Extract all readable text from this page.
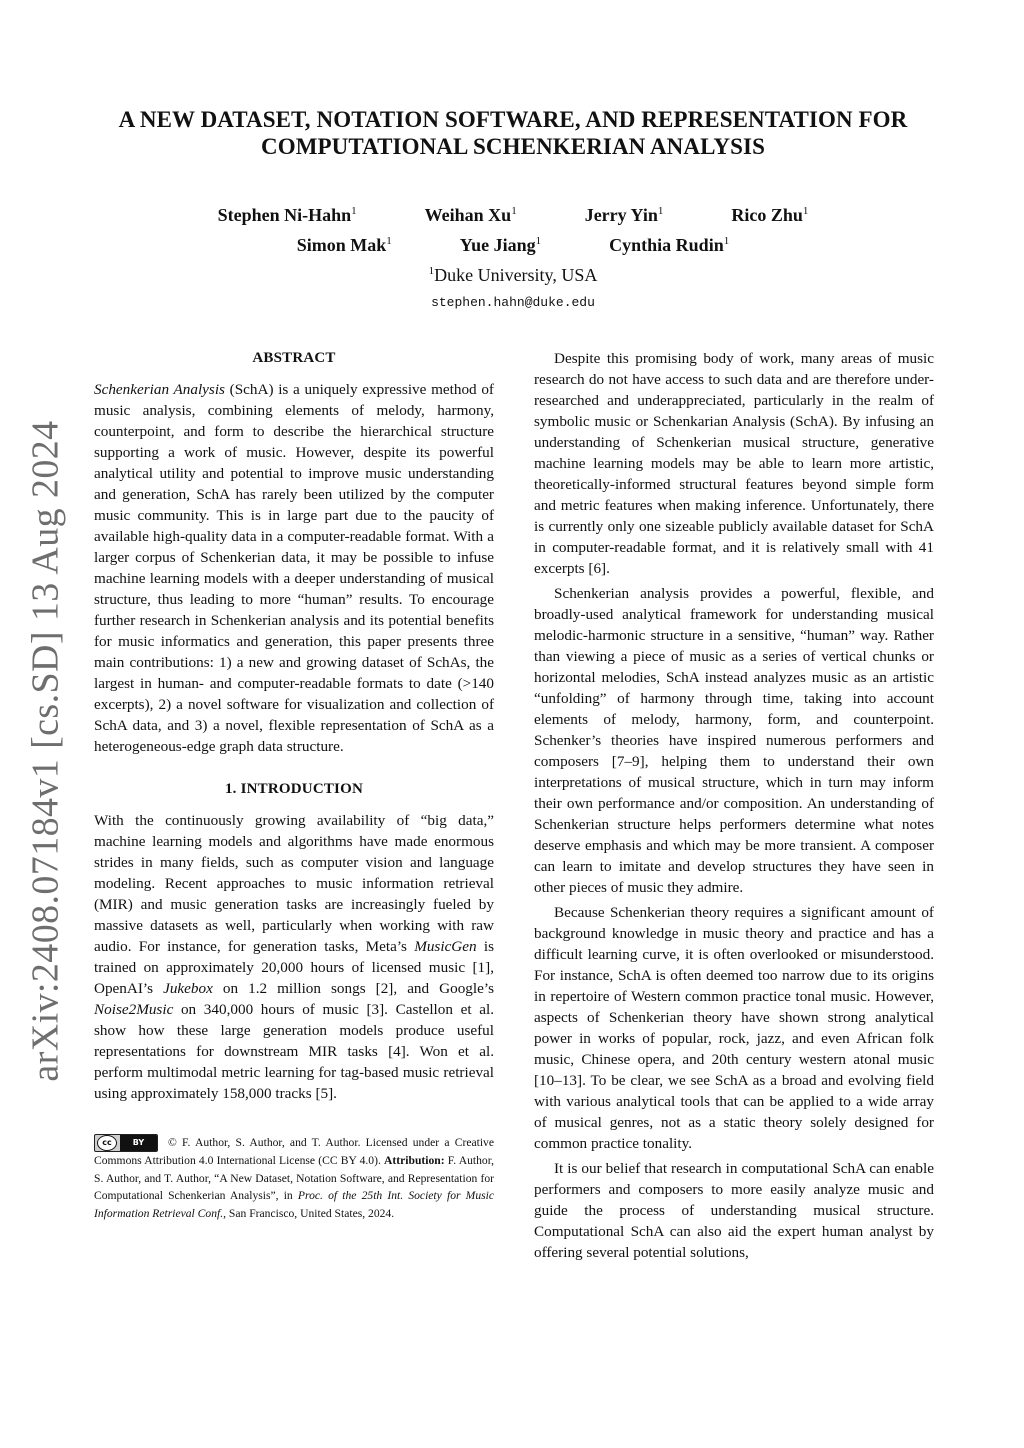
arXiv:2408.07184v1 [cs.SD] 13 Aug 2024
A NEW DATASET, NOTATION SOFTWARE, AND REPRESENTATION FOR
COMPUTATIONAL SCHENKERIAN ANALYSIS
Stephen Ni-Hahn$^1$	Weihan Xu$^1$	Jerry Yin$^1$	Rico Zhu$^1$
Simon Mak$^1$	Yue Jiang$^1$	Cynthia Rudin$^1$
$^1$Duke University, USA
stephen.hahn@duke.edu
ABSTRACT

Schenkerian Analysis (SchA) is a uniquely expressive method of music analysis, combining elements of melody, harmony, counterpoint, and form to describe the hierarchical structure supporting a work of music. However, despite its powerful analytical utility and potential to improve music understanding and generation, SchA has rarely been utilized by the computer music community. This is in large part due to the paucity of available high-quality data in a computer-readable format. With a larger corpus of Schenkerian data, it may be possible to infuse machine learning models with a deeper understanding of musical structure, thus leading to more “human” results. To encourage further research in Schenkerian analysis and its potential benefits for music informatics and generation, this paper presents three main contributions: 1) a new and growing dataset of SchAs, the largest in human- and computer-readable formats to date (>140 excerpts), 2) a novel software for visualization and collection of SchA data, and 3) a novel, flexible representation of SchA as a heterogeneous-edge graph data structure.

1. INTRODUCTION

With the continuously growing availability of “big data,” machine learning models and algorithms have made enormous strides in many fields, such as computer vision and language modeling. Recent approaches to music information retrieval (MIR) and music generation tasks are increasingly fueled by massive datasets as well, particularly when working with raw audio. For instance, for generation tasks, Meta’s MusicGen is trained on approximately 20,000 hours of licensed music [1], OpenAI’s Jukebox on 1.2 million songs [2], and Google’s Noise2Music on 340,000 hours of music [3]. Castellon et al. show how these large generation models produce useful representations for downstream MIR tasks [4]. Won et al. perform multimodal metric learning for tag-based music retrieval using approximately 158,000 tracks [5].

cc	BY	© F. Author, S. Author, and T. Author. Licensed under a Creative Commons Attribution 4.0 International License (CC BY 4.0). Attribution: F. Author, S. Author, and T. Author, “A New Dataset, Notation Software, and Representation for Computational Schenkerian Analysis”, in Proc. of the 25th Int. Society for Music Information Retrieval Conf., San Francisco, United States, 2024.

Despite this promising body of work, many areas of music research do not have access to such data and are therefore under-researched and underappreciated, particularly in the realm of symbolic music or Schenkarian Analysis (SchA). By infusing an understanding of Schenkerian musical structure, generative machine learning models may be able to learn more artistic, theoretically-informed structural features beyond simple form and metric features when making inference. Unfortunately, there is currently only one sizeable publicly available dataset for SchA in computer-readable format, and it is relatively small with 41 excerpts [6].

Schenkerian analysis provides a powerful, flexible, and broadly-used analytical framework for understanding musical melodic-harmonic structure in a sensitive, “human” way. Rather than viewing a piece of music as a series of vertical chunks or horizontal melodies, SchA instead analyzes music as an artistic “unfolding” of harmony through time, taking into account elements of melody, harmony, form, and counterpoint. Schenker’s theories have inspired numerous performers and composers [7–9], helping them to understand their own interpretations of musical structure, which in turn may inform their own performance and/or composition. An understanding of Schenkerian structure helps performers determine what notes deserve emphasis and which may be more transient. A composer can learn to imitate and develop structures they have seen in other pieces of music they admire.

Because Schenkerian theory requires a significant amount of background knowledge in music theory and practice and has a difficult learning curve, it is often overlooked or misunderstood. For instance, SchA is often deemed too narrow due to its origins in repertoire of Western common practice tonal music. However, aspects of Schenkerian theory have shown strong analytical power in works of popular, rock, jazz, and even African folk music, Chinese opera, and 20th century western atonal music [10–13]. To be clear, we see SchA as a broad and evolving field with various analytical tools that can be applied to a wide array of musical genres, not as a static theory solely designed for common practice tonality.

It is our belief that research in computational SchA can enable performers and composers to more easily analyze music and guide the process of understanding musical structure. Computational SchA can also aid the expert human analyst by offering several potential solutions,
